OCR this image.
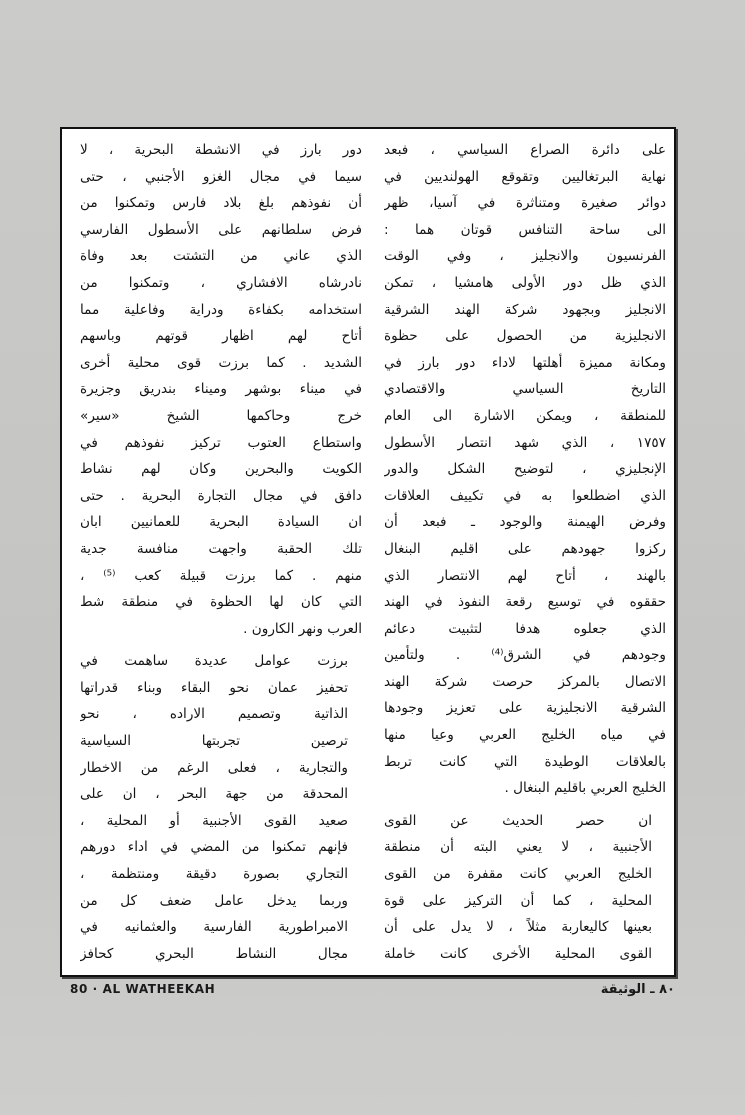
على دائرة الصراع السياسي ، فبعد
نهاية البرتغاليين وتقوقع الهولنديين في
دوائر صغيرة ومتناثرة في آسيا، ظهر
الى ساحة التنافس قوتان هما :
الفرنسيون والانجليز ، وفي الوقت
الذي ظل دور الأولى هامشيا ، تمكن
الانجليز وبجهود شركة الهند الشرقية
الانجليزية من الحصول على حظوة
ومكانة مميزة أهلتها لاداء دور بارز في
التاريخ السياسي والاقتصادي
للمنطقة ، ويمكن الاشارة الى العام
١٧٥٧ ، الذي شهد انتصار الأسطول
الإنجليزي ، لتوضيح الشكل والدور
الذي اضطلعوا به في تكييف العلاقات
وفرض الهيمنة والوجود ـ فبعد أن
ركزوا جهودهم على اقليم البنغال
بالهند ، أتاح لهم الانتصار الذي
حققوه في توسيع رقعة النفوذ في الهند
الذي جعلوه هدفا لتثبيت دعائم
وجودهم في الشرق⁽⁴⁾ . ولتأمين
الاتصال بالمركز حرصت شركة الهند
الشرقية الانجليزية على تعزيز وجودها
في مياه الخليج العربي وعيا منها
بالعلاقات الوطيدة التي كانت تربط
الخليج العربي باقليم البنغال .

ان حصر الحديث عن القوى
الأجنبية ، لا يعني البته أن منطقة
الخليج العربي كانت مقفرة من القوى
المحلية ، كما أن التركيز على قوة
بعينها كاليعاربة مثلاً ، لا يدل على أن
القوى المحلية الأخرى كانت خاملة

دور بارز في الانشطة البحرية ، لا
سيما في مجال الغزو الأجنبي ، حتى
أن نفوذهم بلغ بلاد فارس وتمكنوا من
فرض سلطانهم على الأسطول الفارسي
الذي عاني من التشتت بعد وفاة
نادرشاه الافشاري ، وتمكنوا من
استخدامه بكفاءة ودراية وفاعلية مما
أتاح لهم اظهار قوتهم وباسهم
الشديد . كما برزت قوى محلية أخرى
في ميناء بوشهر وميناء بندريق وجزيرة
خرج وحاكمها الشيخ «سير»
واستطاع العتوب تركيز نفوذهم في
الكويت والبحرين وكان لهم نشاط
دافق في مجال التجارة البحرية . حتى
ان السيادة البحرية للعمانيين ابان
تلك الحقبة واجهت منافسة جدية
منهم . كما برزت قبيلة كعب ⁽⁵⁾ ،
التي كان لها الحظوة في منطقة شط
العرب ونهر الكارون .

برزت عوامل عديدة ساهمت في
تحفيز عمان نحو البقاء وبناء قدراتها
الذاتية وتصميم الاراده ، نحو
ترصين تجربتها السياسية
والتجارية ، فعلى الرغم من الاخطار
المحدقة من جهة البحر ، ان على
صعيد القوى الأجنبية أو المحلية ،
فإنهم تمكنوا من المضي في اداء دورهم
التجاري بصورة دقيقة ومنتظمة ،
وربما يدخل عامل ضعف كل من
الامبراطورية الفارسية والعثمانيه في
مجال النشاط البحري كحافز

80 · AL WATHEEKAH	٨٠ ـ الوثيقة
